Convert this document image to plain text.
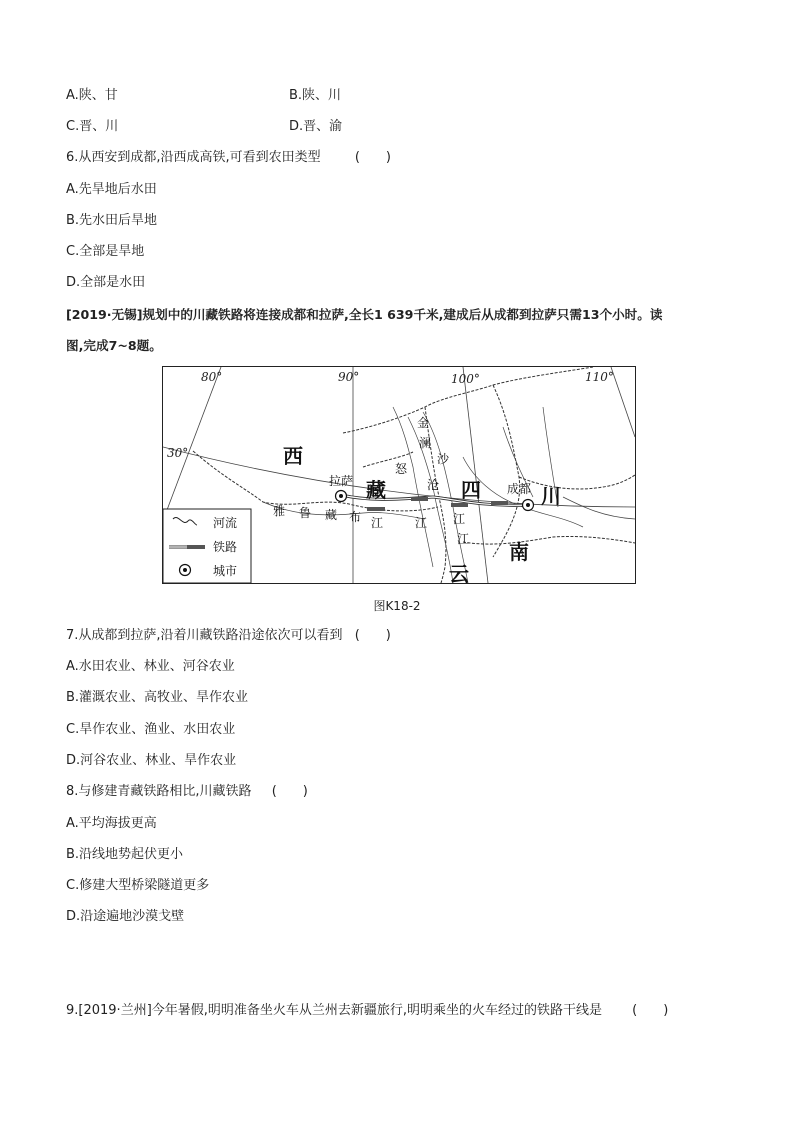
A.陕、甘	B.陕、川
C.晋、川	D.晋、渝
6.从西安到成都,沿西成高铁,可看到农田类型	(　　)
A.先旱地后水田
B.先水田后旱地
C.全部是旱地
D.全部是水田
[2019·无锡]规划中的川藏铁路将连接成都和拉萨,全长1 639千米,建成后从成都到拉萨只需13个小时。读
图,完成7~8题。
80°	90°	100°	110°
30°	西
藏	四	川
云
南
金
澜
沙
怒
沧
江
雅 鲁 藏 布 江	江
江
拉萨
成都
河流
铁路
城市
图K18-2
7.从成都到拉萨,沿着川藏铁路沿途依次可以看到 (　　)
A.水田农业、林业、河谷农业
B.灌溉农业、高牧业、旱作农业
C.旱作农业、渔业、水田农业
D.河谷农业、林业、旱作农业
8.与修建青藏铁路相比,川藏铁路 (　　)
A.平均海拔更高
B.沿线地势起伏更小
C.修建大型桥梁隧道更多
D.沿途遍地沙漠戈壁
9.[2019·兰州]今年暑假,明明准备坐火车从兰州去新疆旅行,明明乘坐的火车经过的铁路干线是 (　　)
